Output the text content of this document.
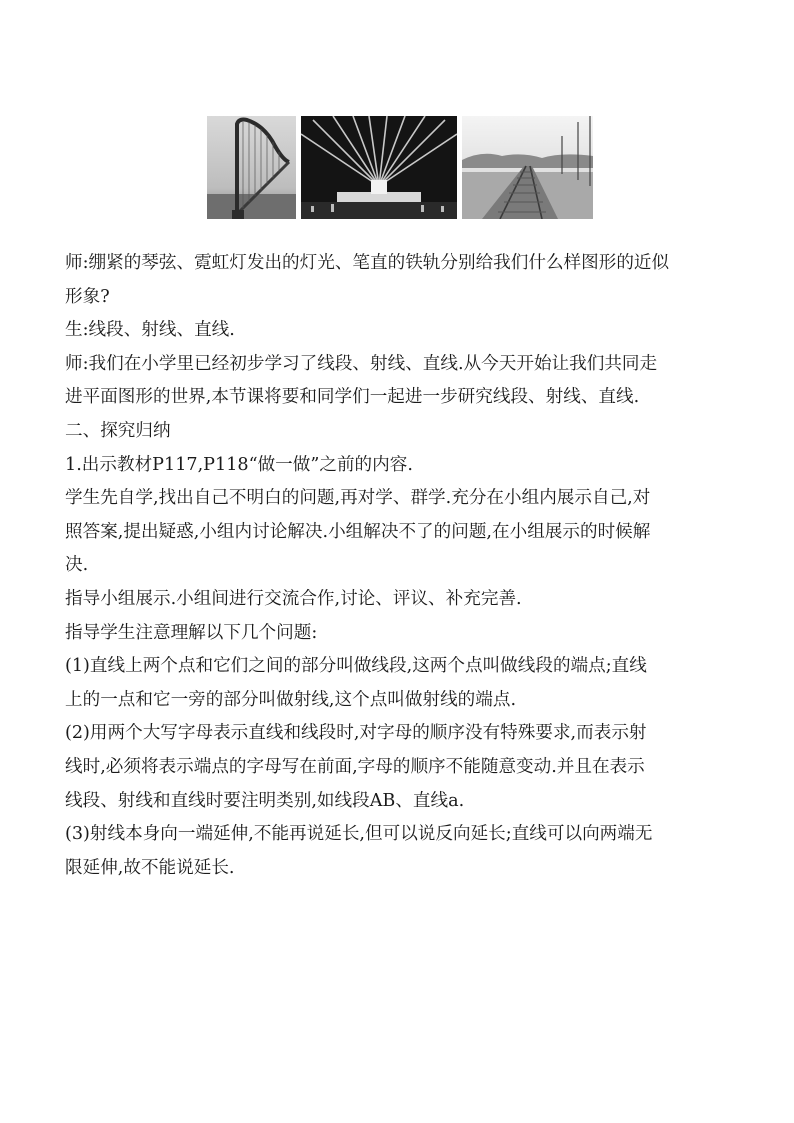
师:绷紧的琴弦、霓虹灯发出的灯光、笔直的铁轨分别给我们什么样图形的近似

形象?

生:线段、射线、直线.

师:我们在小学里已经初步学习了线段、射线、直线.从今天开始让我们共同走

进平面图形的世界,本节课将要和同学们一起进一步研究线段、射线、直线.

二、探究归纳

1.出示教材P117,P118“做一做”之前的内容.

学生先自学,找出自己不明白的问题,再对学、群学.充分在小组内展示自己,对

照答案,提出疑惑,小组内讨论解决.小组解决不了的问题,在小组展示的时候解

决.

指导小组展示.小组间进行交流合作,讨论、评议、补充完善.

指导学生注意理解以下几个问题:

(1)直线上两个点和它们之间的部分叫做线段,这两个点叫做线段的端点;直线

上的一点和它一旁的部分叫做射线,这个点叫做射线的端点.

(2)用两个大写字母表示直线和线段时,对字母的顺序没有特殊要求,而表示射

线时,必须将表示端点的字母写在前面,字母的顺序不能随意变动.并且在表示

线段、射线和直线时要注明类别,如线段AB、直线a.

(3)射线本身向一端延伸,不能再说延长,但可以说反向延长;直线可以向两端无

限延伸,故不能说延长.
